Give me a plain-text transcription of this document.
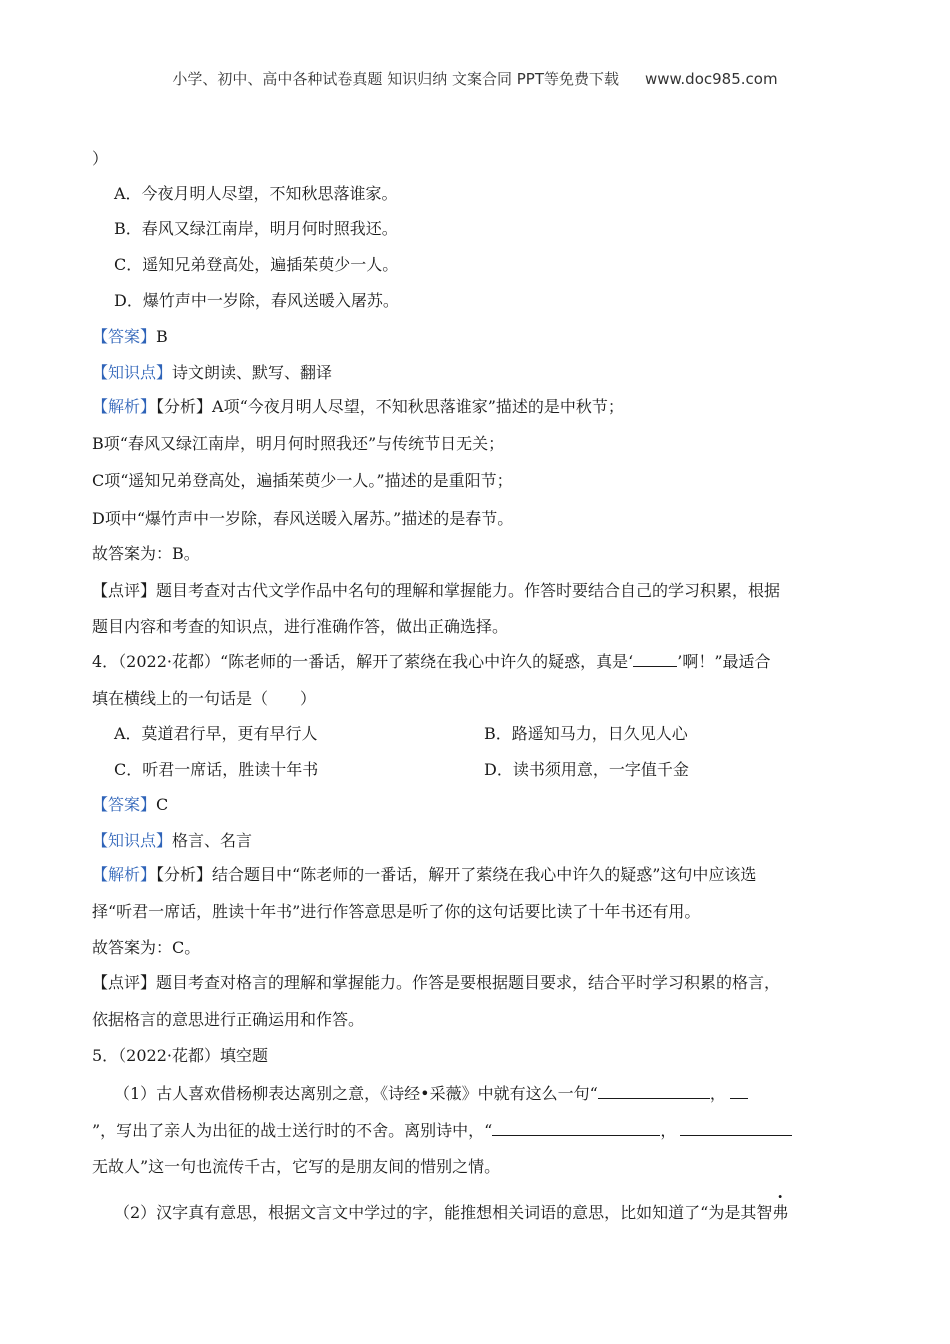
小学、初中、高中各种试卷真题 知识归纳 文案合同 PPT等免费下载 www.doc985.com
）
A．今夜月明人尽望，不知秋思落谁家。
B．春风又绿江南岸，明月何时照我还。
C．遥知兄弟登高处，遍插茱萸少一人。
D．爆竹声中一岁除，春风送暖入屠苏。
【答案】B
【知识点】诗文朗读、默写、翻译
【解析】【分析】A项“今夜月明人尽望，不知秋思落谁家”描述的是中秋节；
B项“春风又绿江南岸，明月何时照我还”与传统节日无关；
C项“遥知兄弟登高处，遍插茱萸少一人。”描述的是重阳节；
D项中“爆竹声中一岁除，春风送暖入屠苏。”描述的是春节。
故答案为：B。
【点评】题目考查对古代文学作品中名句的理解和掌握能力。作答时要结合自己的学习积累，根据
题目内容和考查的知识点，进行准确作答，做出正确选择。
4．（2022·花都）“陈老师的一番话，解开了萦绕在我心中许久的疑惑，真是‘	’啊！”最适合
填在横线上的一句话是（　　）
A．莫道君行早，更有早行人	B．路遥知马力，日久见人心
C．听君一席话，胜读十年书	D．读书须用意，一字值千金
【答案】C
【知识点】格言、名言
【解析】【分析】结合题目中“陈老师的一番话，解开了萦绕在我心中许久的疑惑”这句中应该选
择“听君一席话，胜读十年书”进行作答意思是听了你的这句话要比读了十年书还有用。
故答案为：C。
【点评】题目考查对格言的理解和掌握能力。作答是要根据题目要求，结合平时学习积累的格言，
依据格言的意思进行正确运用和作答。
5．（2022·花都）填空题
（1）古人喜欢借杨柳表达离别之意，《诗经•采薇》中就有这么一句“	，
”，写出了亲人为出征的战士送行时的不舍。离别诗中，“	，
无故人”这一句也流传千古，它写的是朋友间的惜别之情。
（2）汉字真有意思，根据文言文中学过的字，能推想相关词语的意思，比如知道了“为是其智弗
